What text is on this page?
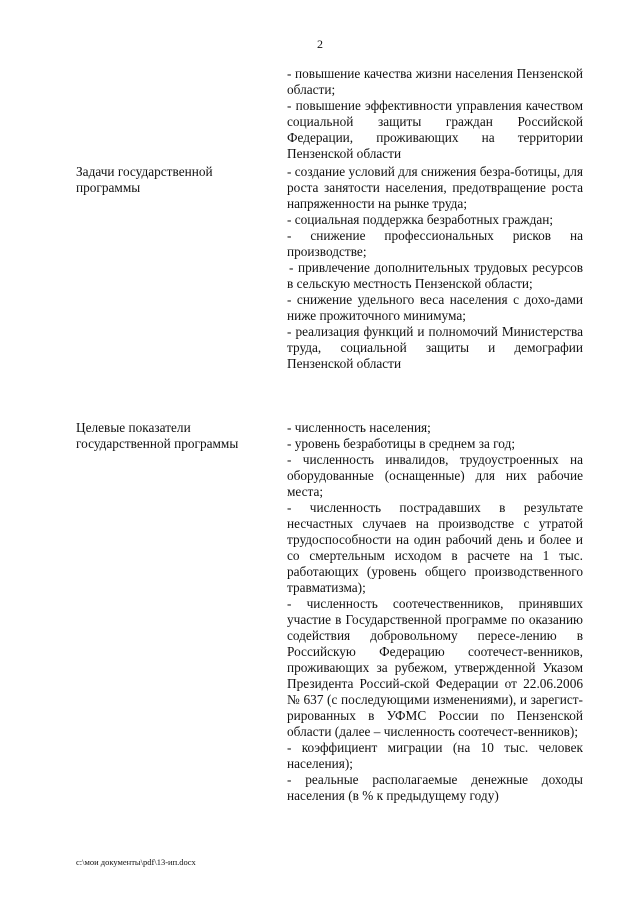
2

- повышение качества жизни населения Пензенской области;

- повышение эффективности управления качеством социальной защиты граждан Российской Федерации, проживающих на территории Пензенской области

Задачи государственной программы

- создание условий для снижения безра-ботицы, для роста занятости населения, предотвращение роста напряженности на рынке труда;

- социальная поддержка безработных граждан;

- снижение профессиональных рисков на производстве;

- привлечение дополнительных трудовых ресурсов в сельскую местность Пензенской области;

- снижение удельного веса населения с дохо-дами ниже прожиточного минимума;

- реализация функций и полномочий Министерства труда, социальной защиты и демографии Пензенской области

Целевые показатели государственной программы

- численность населения;

- уровень безработицы в среднем за год;

- численность инвалидов, трудоустроенных на оборудованные (оснащенные) для них рабочие места;

- численность пострадавших в результате несчастных случаев на производстве с утратой трудоспособности на один рабочий день и более и со смертельным исходом в расчете на 1 тыс. работающих (уровень общего производственного травматизма);

- численность соотечественников, принявших участие в Государственной программе по оказанию содействия добровольному пересе-лению в Российскую Федерацию соотечест-венников, проживающих за рубежом, утвержденной Указом Президента Россий-ской Федерации от 22.06.2006 № 637 (с последующими изменениями), и зарегист-рированных в УФМС России по Пензенской области (далее – численность соотечест-венников);

- коэффициент миграции (на 10 тыс. человек населения);

- реальные располагаемые денежные доходы населения (в % к предыдущему году)

c:\мои документы\pdf\13-ип.docx
